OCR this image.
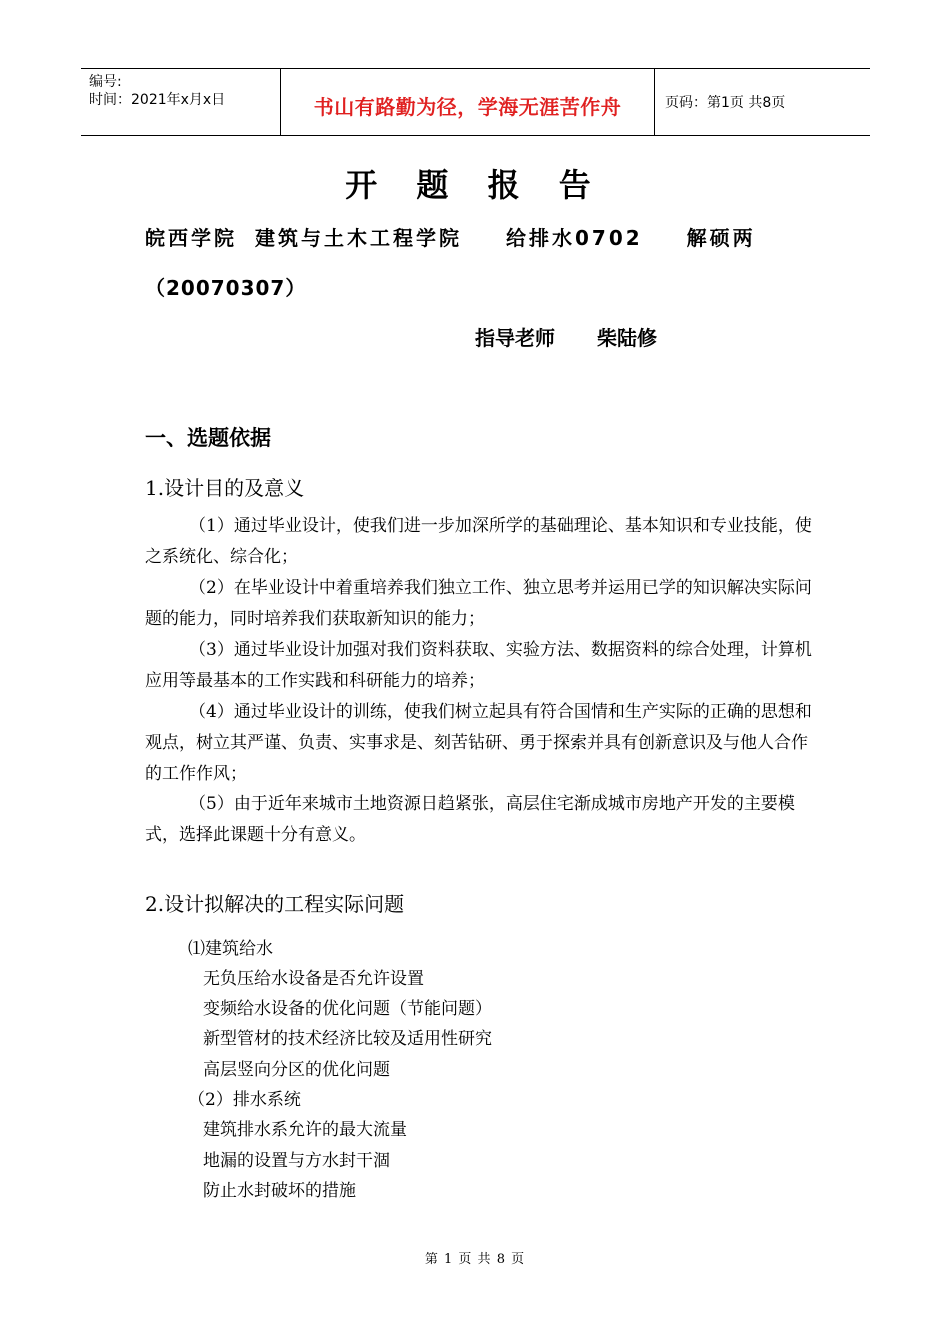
编号:
时间：2021年x月x日	书山有路勤为径，学海无涯苦作舟	页码：第1页 共8页
开 题 报 告
皖西学院 建筑与土木工程学院 给排水0702 解硕两
（20070307）
指导老师 柴陆修
一、选题依据
1.设计目的及意义
（1）通过毕业设计，使我们进一步加深所学的基础理论、基本知识和专业技能，使之系统化、综合化；
（2）在毕业设计中着重培养我们独立工作、独立思考并运用已学的知识解决实际问题的能力，同时培养我们获取新知识的能力；
（3）通过毕业设计加强对我们资料获取、实验方法、数据资料的综合处理，计算机应用等最基本的工作实践和科研能力的培养；
（4）通过毕业设计的训练，使我们树立起具有符合国情和生产实际的正确的思想和观点，树立其严谨、负责、实事求是、刻苦钻研、勇于探索并具有创新意识及与他人合作的工作作风；
（5）由于近年来城市土地资源日趋紧张，高层住宅渐成城市房地产开发的主要模式，选择此课题十分有意义。
2.设计拟解决的工程实际问题
⑴建筑给水
无负压给水设备是否允许设置
变频给水设备的优化问题（节能问题）
新型管材的技术经济比较及适用性研究
高层竖向分区的优化问题
（2）排水系统
建筑排水系允许的最大流量
地漏的设置与方水封干涸
防止水封破坏的措施
第 1 页 共 8 页
